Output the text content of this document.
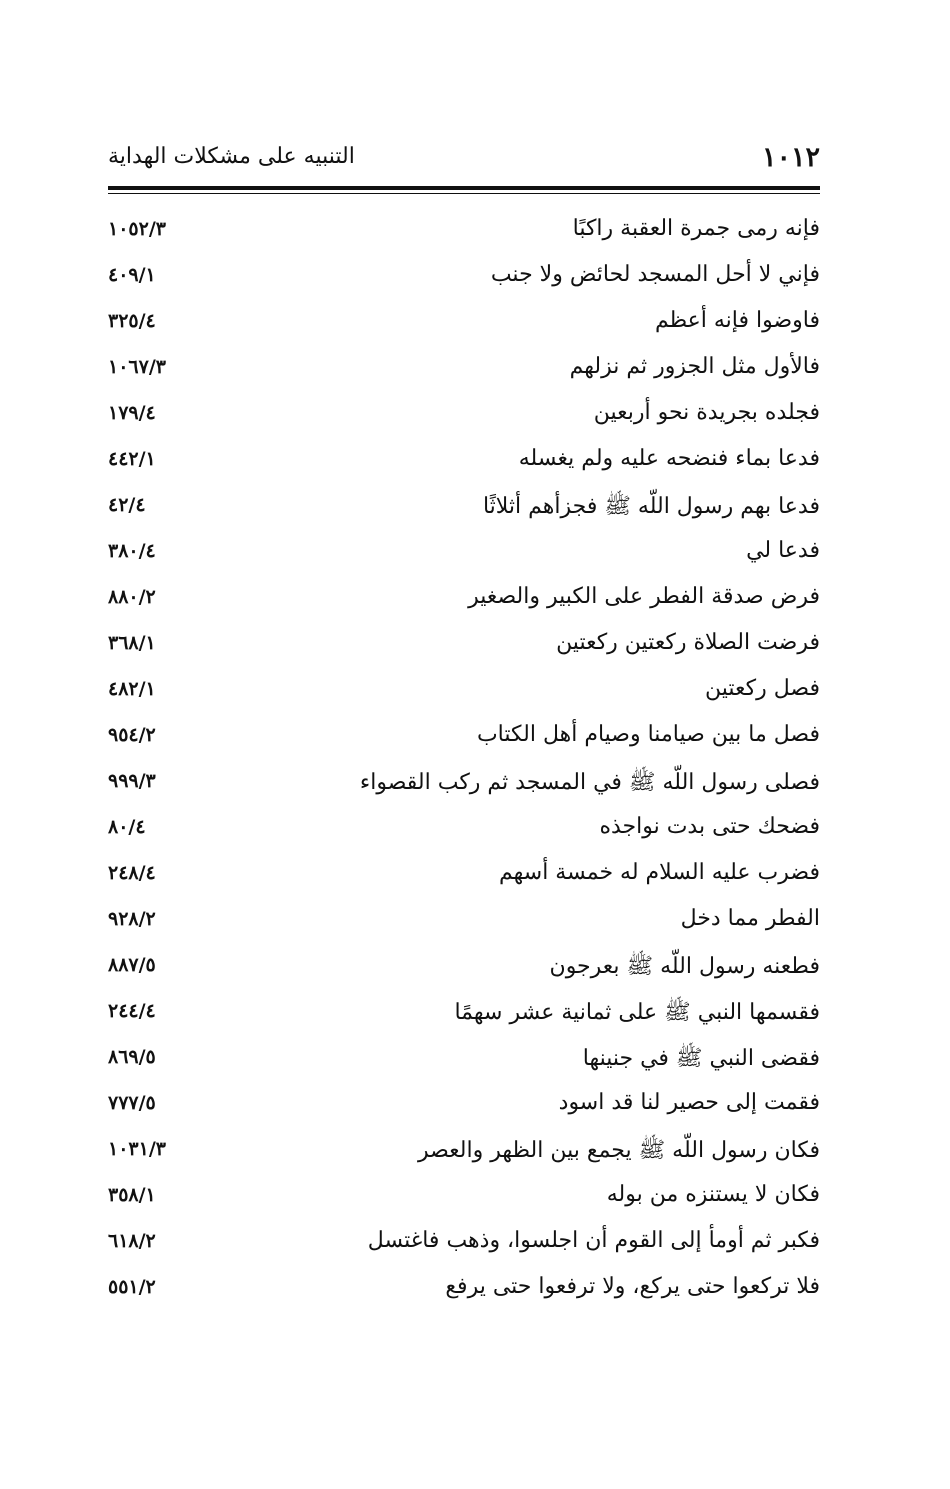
١٠١٢
التنبيه على مشكلات الهداية
فإنه رمى جمرة العقبة راكبًا
١٠٥٢/٣
فإني لا أحل المسجد لحائض ولا جنب
٤٠٩/١
فاوضوا فإنه أعظم
٣٢٥/٤
فالأول مثل الجزور ثم نزلهم
١٠٦٧/٣
فجلده بجريدة نحو أربعين
١٧٩/٤
فدعا بماء فنضحه عليه ولم يغسله
٤٤٢/١
فدعا بهم رسول اللّه ﷺ فجزأهم أثلاثًا
٤٢/٤
فدعا لي
٣٨٠/٤
فرض صدقة الفطر على الكبير والصغير
٨٨٠/٢
فرضت الصلاة ركعتين ركعتين
٣٦٨/١
فصل ركعتين
٤٨٢/١
فصل ما بين صيامنا وصيام أهل الكتاب
٩٥٤/٢
فصلى رسول اللّه ﷺ في المسجد ثم ركب القصواء
٩٩٩/٣
فضحك حتى بدت نواجذه
٨٠/٤
فضرب عليه السلام له خمسة أسهم
٢٤٨/٤
الفطر مما دخل
٩٢٨/٢
فطعنه رسول اللّه ﷺ بعرجون
٨٨٧/٥
فقسمها النبي ﷺ على ثمانية عشر سهمًا
٢٤٤/٤
فقضى النبي ﷺ في جنينها
٨٦٩/٥
فقمت إلى حصير لنا قد اسود
٧٧٧/٥
فكان رسول اللّه ﷺ يجمع بين الظهر والعصر
١٠٣١/٣
فكان لا يستنزه من بوله
٣٥٨/١
فكبر ثم أومأ إلى القوم أن اجلسوا، وذهب فاغتسل
٦١٨/٢
فلا تركعوا حتى يركع، ولا ترفعوا حتى يرفع
٥٥١/٢
